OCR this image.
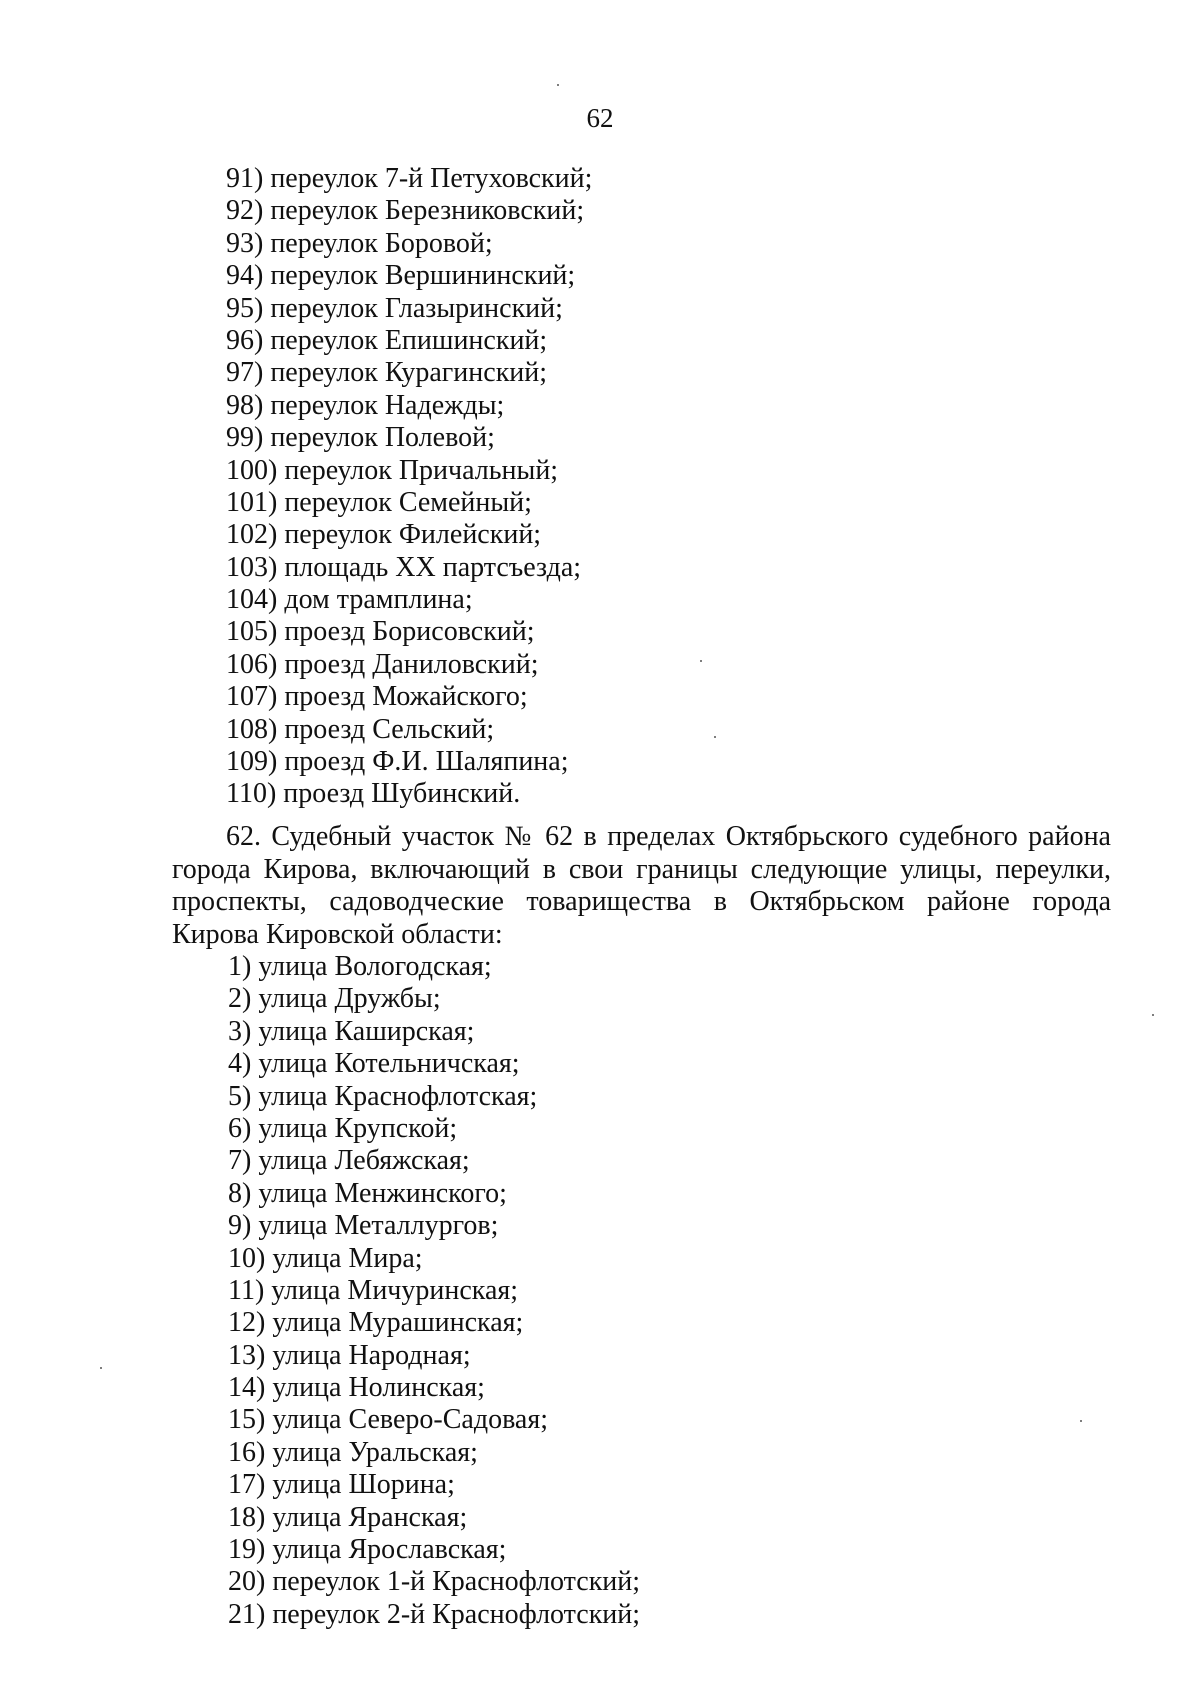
62
91) переулок 7-й Петуховский;
92) переулок Березниковский;
93) переулок Боровой;
94) переулок Вершининский;
95) переулок Глазыринский;
96) переулок Епишинский;
97) переулок Курагинский;
98) переулок Надежды;
99) переулок Полевой;
100) переулок Причальный;
101) переулок Семейный;
102) переулок Филейский;
103) площадь XX партсъезда;
104) дом трамплина;
105) проезд Борисовский;
106) проезд Даниловский;
107) проезд Можайского;
108) проезд Сельский;
109) проезд Ф.И. Шаляпина;
110) проезд Шубинский.

62. Судебный участок № 62 в пределах Октябрьского судебного района города Кирова, включающий в свои границы следующие улицы, переулки, проспекты, садоводческие товарищества в Октябрьском районе города Кирова Кировской области:

1) улица Вологодская;
2) улица Дружбы;
3) улица Каширская;
4) улица Котельничская;
5) улица Краснофлотская;
6) улица Крупской;
7) улица Лебяжская;
8) улица Менжинского;
9) улица Металлургов;
10) улица Мира;
11) улица Мичуринская;
12) улица Мурашинская;
13) улица Народная;
14) улица Нолинская;
15) улица Северо-Садовая;
16) улица Уральская;
17) улица Шорина;
18) улица Яранская;
19) улица Ярославская;
20) переулок 1-й Краснофлотский;
21) переулок 2-й Краснофлотский;
